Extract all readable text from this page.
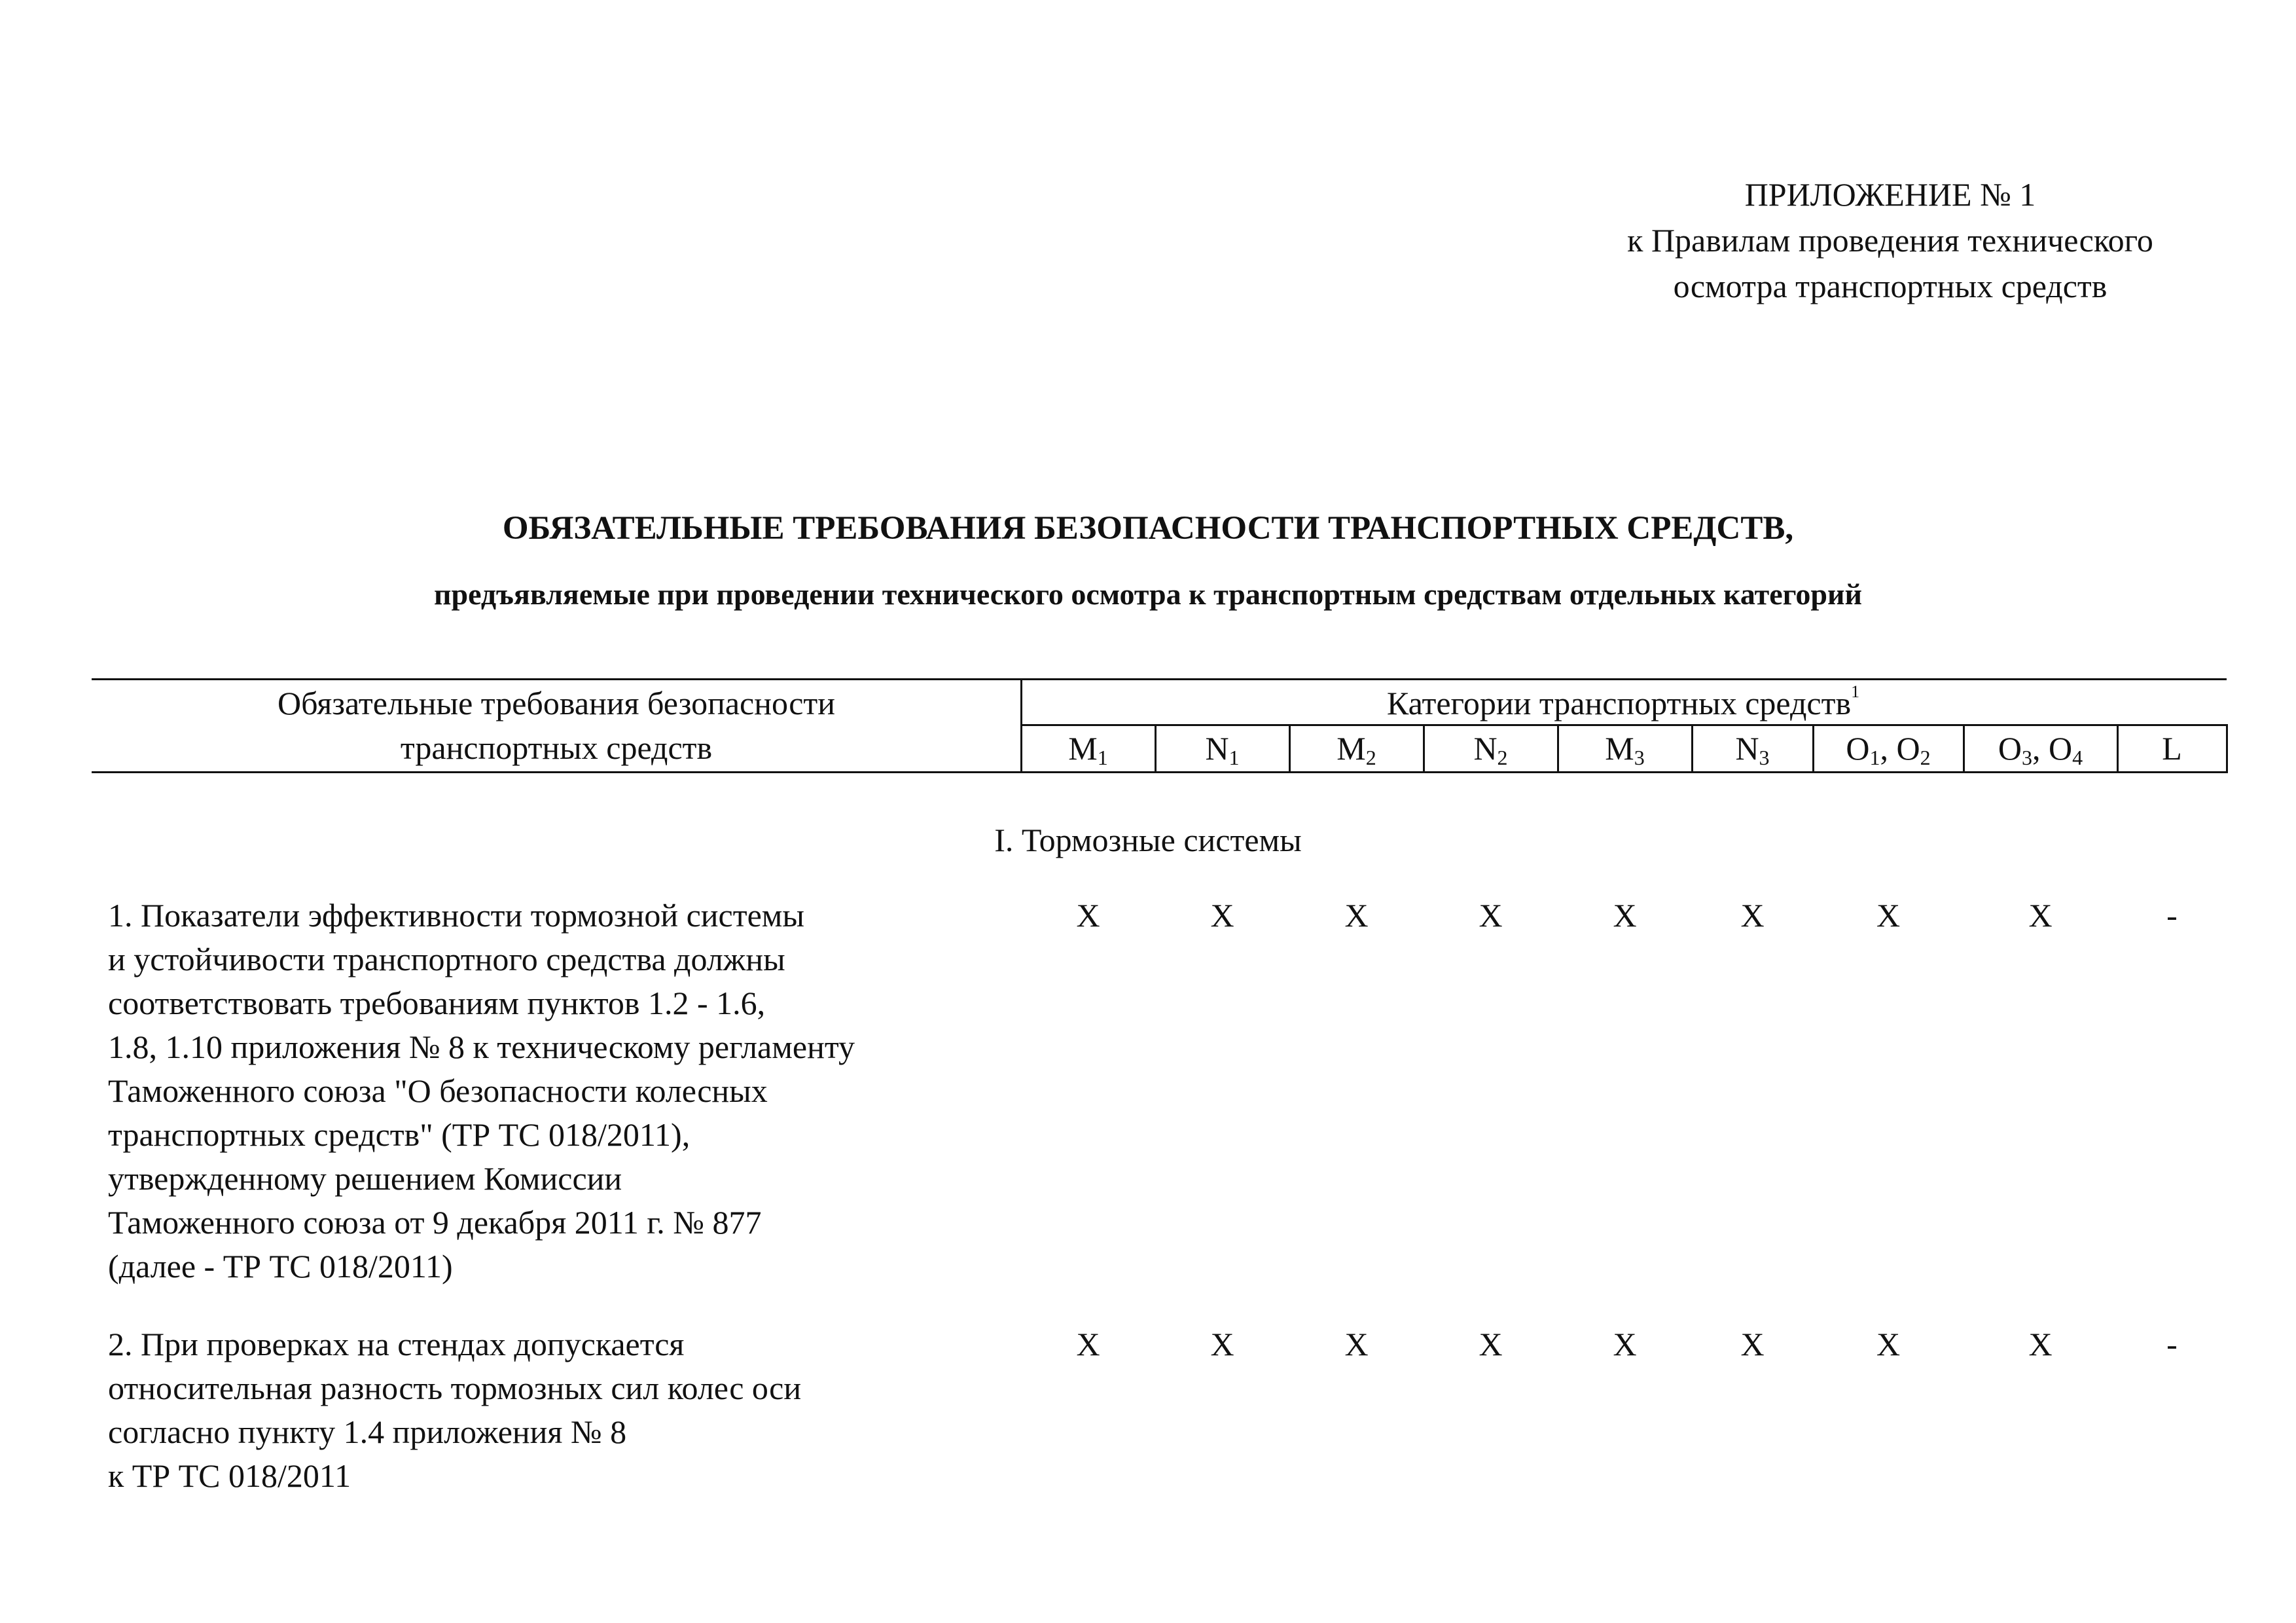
ПРИЛОЖЕНИЕ № 1
к Правилам проведения технического
осмотра транспортных средств
ОБЯЗАТЕЛЬНЫЕ ТРЕБОВАНИЯ БЕЗОПАСНОСТИ ТРАНСПОРТНЫХ СРЕДСТВ,
предъявляемые при проведении технического осмотра к транспортным средствам отдельных категорий
Обязательные требования безопасности
транспортных средств
Категории транспортных средств$^1$
$M_1$	$N_1$	$M_2$	$N_2$	$M_3$	$N_3$	$O_1$, $O_2$	$O_3$, $O_4$	L
I. Тормозные системы
1. Показатели эффективности тормозной системы
и устойчивости транспортного средства должны
соответствовать требованиям пунктов 1.2 - 1.6,
1.8, 1.10 приложения № 8 к техническому регламенту
Таможенного союза "О безопасности колесных
транспортных средств" (ТР ТС 018/2011),
утвержденному решением Комиссии
Таможенного союза от 9 декабря 2011 г. № 877
(далее - ТР ТС 018/2011)
X	X	X	X	X	X	X	X	-
2. При проверках на стендах допускается
относительная разность тормозных сил колес оси
согласно пункту 1.4 приложения № 8
к ТР ТС 018/2011
X	X	X	X	X	X	X	X	-
